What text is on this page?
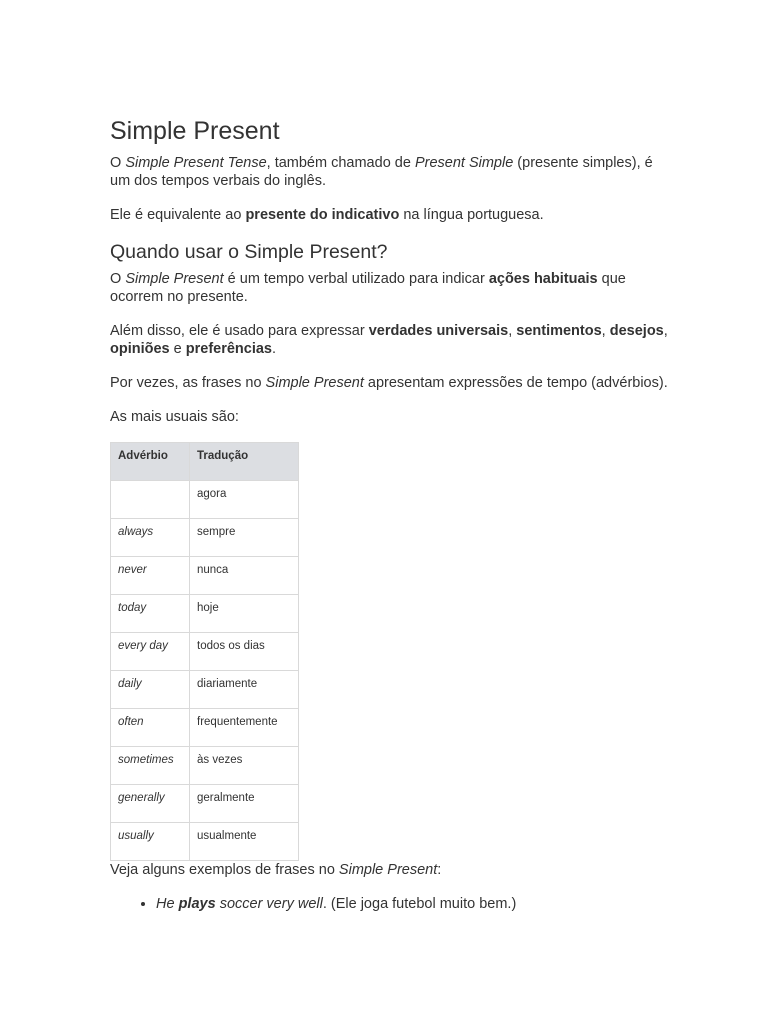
Simple Present

O Simple Present Tense, também chamado de Present Simple (presente simples), é um dos tempos verbais do inglês.

Ele é equivalente ao presente do indicativo na língua portuguesa.

Quando usar o Simple Present?

O Simple Present é um tempo verbal utilizado para indicar ações habituais que ocorrem no presente.

Além disso, ele é usado para expressar verdades universais, sentimentos, desejos, opiniões e preferências.

Por vezes, as frases no Simple Present apresentam expressões de tempo (advérbios).

As mais usuais são:

Advérbio	Tradução
	agora
always	sempre
never	nunca
today	hoje
every day	todos os dias
daily	diariamente
often	frequentemente
sometimes	às vezes
generally	geralmente
usually	usualmente

Veja alguns exemplos de frases no Simple Present:

• He plays soccer very well. (Ele joga futebol muito bem.)
